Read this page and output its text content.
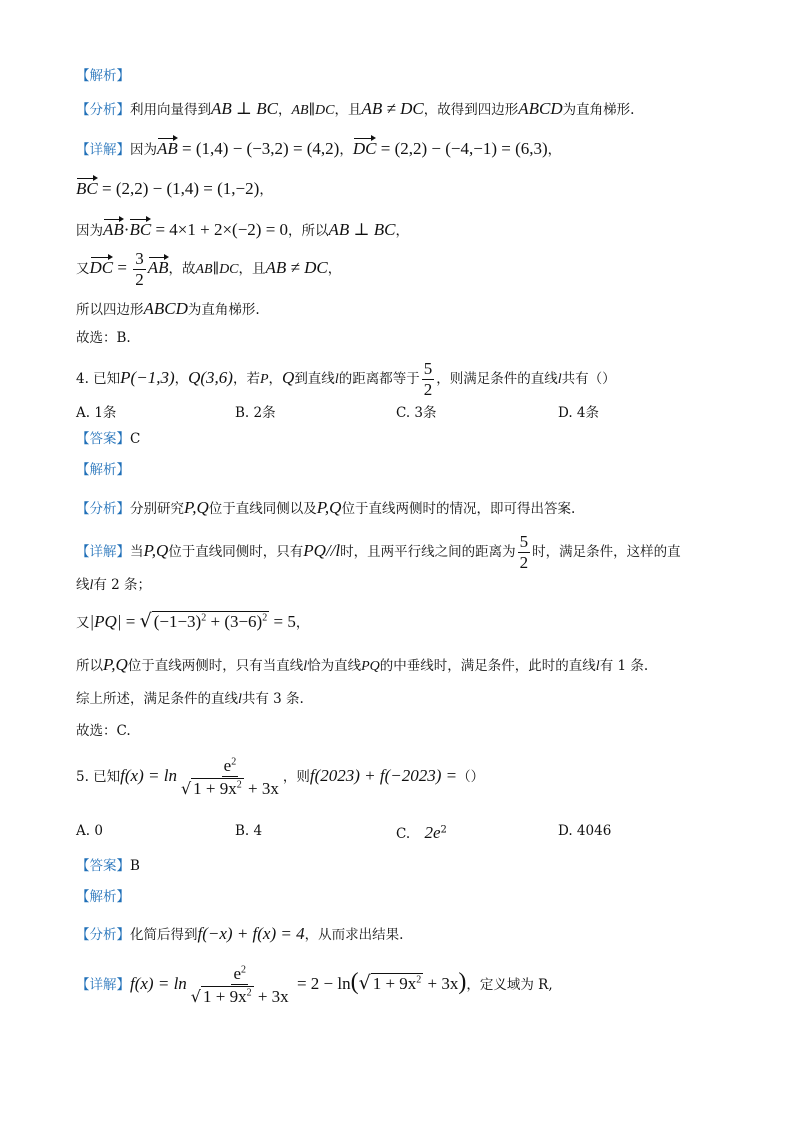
【解析】
【分析】利用向量得到AB ⊥ BC，AB∥DC，且AB ≠ DC，故得到四边形ABCD为直角梯形.
【详解】因为AB = (1,4) − (−3,2) = (4,2)，DC = (2,2) − (−4,−1) = (6,3)，
BC = (2,2) − (1,4) = (1,−2)，
因为AB·BC = 4×1 + 2×(−2) = 0，所以AB ⊥ BC，
又DC = $\frac{3}{2}$ AB，故AB∥DC，且AB ≠ DC，
所以四边形ABCD为直角梯形.
故选：B.
4. 已知P(−1,3)，Q(3,6)，若P，Q到直线l的距离都等于 $\frac{5}{2}$ ，则满足条件的直线l共有（）
A. 1条	B. 2条	C. 3条	D. 4条
【答案】C
【解析】
【分析】分别研究P,Q位于直线同侧以及P,Q位于直线两侧时的情况，即可得出答案.
【详解】当P,Q位于直线同侧时，只有PQ//l时，且两平行线之间的距离为 $\frac{5}{2}$ 时，满足条件，这样的直
线l有 2 条；
又|PQ| = √ $(-1-3)^2 + (3-6)^2 = 5$，
所以P,Q位于直线两侧时，只有当直线l恰为直线PQ的中垂线时，满足条件，此时的直线l有 1 条.
综上所述，满足条件的直线l共有 3 条.
故选：C.
5. 已知$f(x) = \ln \frac{e^2}{√ 1 + 9x^2 + 3x}$ ，则f(2023) + f(−2023) =（）
A. 0	B. 4	C. $2e^2$	D. 4046
【答案】B
【解析】
【分析】化简后得到f(−x) + f(x) = 4，从而求出结果.
【详解】$f(x) = \ln \frac{e^2}{√ 1 + 9x^2 + 3x} = 2 - \ln(√$ $1 + 9x^2 + 3x$)，定义域为 R,
